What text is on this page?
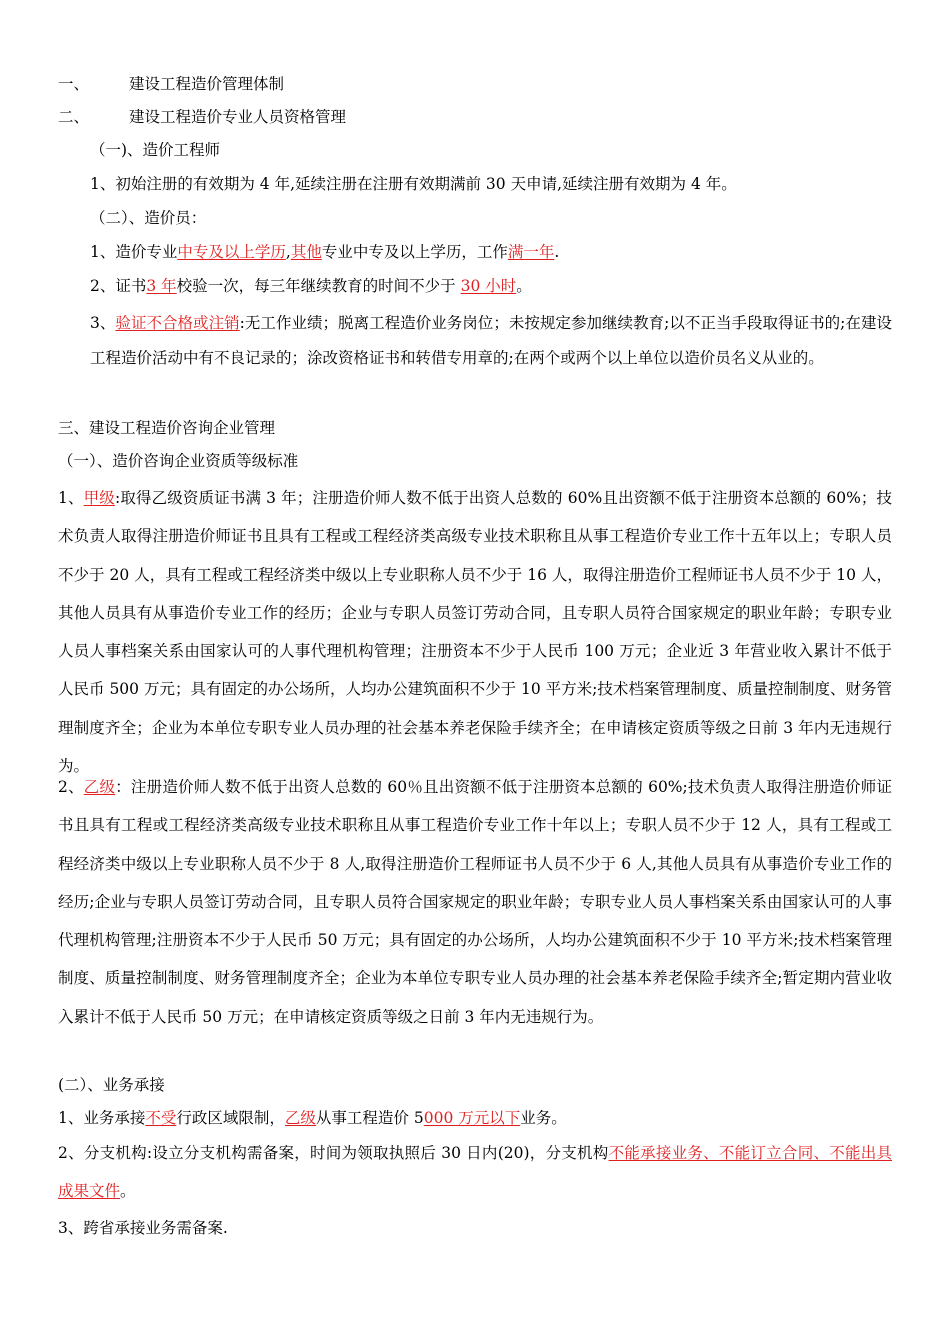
一、	建设工程造价管理体制
二、	建设工程造价专业人员资格管理
（一)、造价工程师
1、初始注册的有效期为 4 年,延续注册在注册有效期满前 30 天申请,延续注册有效期为 4 年。
（二）、造价员：
1、造价专业中专及以上学历,其他专业中专及以上学历，工作满一年.
2、证书3 年校验一次，每三年继续教育的时间不少于 30 小时。
3、验证不合格或注销:无工作业绩；脱离工程造价业务岗位；未按规定参加继续教育;以不正当手段取得证书的;在建设工程造价活动中有不良记录的；涂改资格证书和转借专用章的;在两个或两个以上单位以造价员名义从业的。
三、建设工程造价咨询企业管理
（一）、造价咨询企业资质等级标准
1、甲级:取得乙级资质证书满 3 年；注册造价师人数不低于出资人总数的 60%且出资额不低于注册资本总额的 60%；技术负责人取得注册造价师证书且具有工程或工程经济类高级专业技术职称且从事工程造价专业工作十五年以上；专职人员不少于 20 人，具有工程或工程经济类中级以上专业职称人员不少于 16 人，取得注册造价工程师证书人员不少于 10 人，其他人员具有从事造价专业工作的经历；企业与专职人员签订劳动合同，且专职人员符合国家规定的职业年龄；专职专业人员人事档案关系由国家认可的人事代理机构管理；注册资本不少于人民币 100 万元；企业近 3 年营业收入累计不低于人民币 500 万元；具有固定的办公场所，人均办公建筑面积不少于 10 平方米;技术档案管理制度、质量控制制度、财务管理制度齐全；企业为本单位专职专业人员办理的社会基本养老保险手续齐全；在申请核定资质等级之日前 3 年内无违规行为。
2、乙级：注册造价师人数不低于出资人总数的 60％且出资额不低于注册资本总额的 60%;技术负责人取得注册造价师证书且具有工程或工程经济类高级专业技术职称且从事工程造价专业工作十年以上；专职人员不少于 12 人，具有工程或工程经济类中级以上专业职称人员不少于 8 人,取得注册造价工程师证书人员不少于 6 人,其他人员具有从事造价专业工作的经历;企业与专职人员签订劳动合同，且专职人员符合国家规定的职业年龄；专职专业人员人事档案关系由国家认可的人事代理机构管理;注册资本不少于人民币 50 万元；具有固定的办公场所，人均办公建筑面积不少于 10 平方米;技术档案管理制度、质量控制制度、财务管理制度齐全；企业为本单位专职专业人员办理的社会基本养老保险手续齐全;暂定期内营业收入累计不低于人民币 50 万元；在申请核定资质等级之日前 3 年内无违规行为。
(二）、业务承接
1、业务承接不受行政区域限制，乙级从事工程造价 5000 万元以下业务。
2、分支机构:设立分支机构需备案，时间为领取执照后 30 日内(20)，分支机构不能承接业务、不能订立合同、不能出具成果文件。
3、跨省承接业务需备案.
